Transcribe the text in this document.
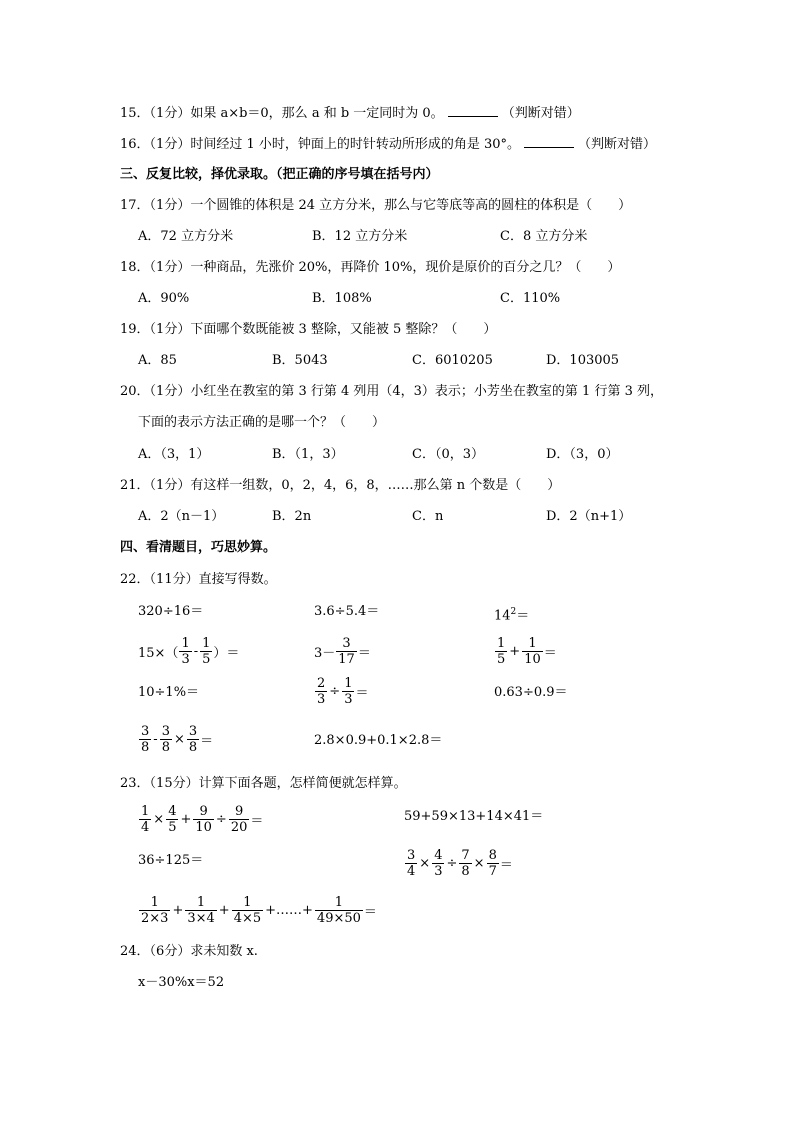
15．（1分）如果 a×b＝0，那么 a 和 b 一定同时为 0。	（判断对错）
16．（1分）时间经过 1 小时，钟面上的时针转动所形成的角是 30°。	（判断对错）
三、反复比较，择优录取。（把正确的序号填在括号内）
17．（1分）一个圆锥的体积是 24 立方分米，那么与它等底等高的圆柱的体积是（　　）
A．72 立方分米	B．12 立方分米	C．8 立方分米
18．（1分）一种商品，先涨价 20%，再降价 10%，现价是原价的百分之几？（　　）
A．90%	B．108%	C．110%
19．（1分）下面哪个数既能被 3 整除，又能被 5 整除？（　　）
A．85	B．5043	C．6010205	D．103005
20．（1分）小红坐在教室的第 3 行第 4 列用（4，3）表示；小芳坐在教室的第 1 行第 3 列，
下面的表示方法正确的是哪一个？（　　）
A．（3，1）	B．（1，3）	C．（0，3）	D．（3，0）
21．（1分）有这样一组数，0，2，4，6，8，……那么第 n 个数是（　　）
A．2（n－1）	B．2n	C．n	D．2（n+1）
四、看清题目，巧思妙算。
22．（11分）直接写得数。
320÷16＝	3.6÷5.4＝	$14^2=$
$15\times( \frac{1}{3} - \frac{1}{5}$ ）＝	$3- \frac{3}{17}$ ＝	$\frac{1}{5} + \frac{1}{10}$ ＝
10÷1%＝	$\frac{2}{3} \div \frac{1}{3}$ ＝	0.63÷0.9＝
$\frac{3}{8} - \frac{3}{8} \times \frac{3}{8}$ ＝	2.8×0.9+0.1×2.8＝
23．（15分）计算下面各题，怎样简便就怎样算。
$\frac{1}{4} \times \frac{4}{5} + \frac{9}{10} \div \frac{9}{20}$ ＝	59+59×13+14×41＝
36÷125＝	$\frac{3}{4} \times \frac{4}{3} \div \frac{7}{8} \times \frac{8}{7}$ ＝
$\frac{1}{2\times 3} + \frac{1}{3\times 4} + \frac{1}{4\times 5}$ +……+ $\frac{1}{49\times 50}$ ＝
24．（6分）求未知数 x.
x－30%x＝52
